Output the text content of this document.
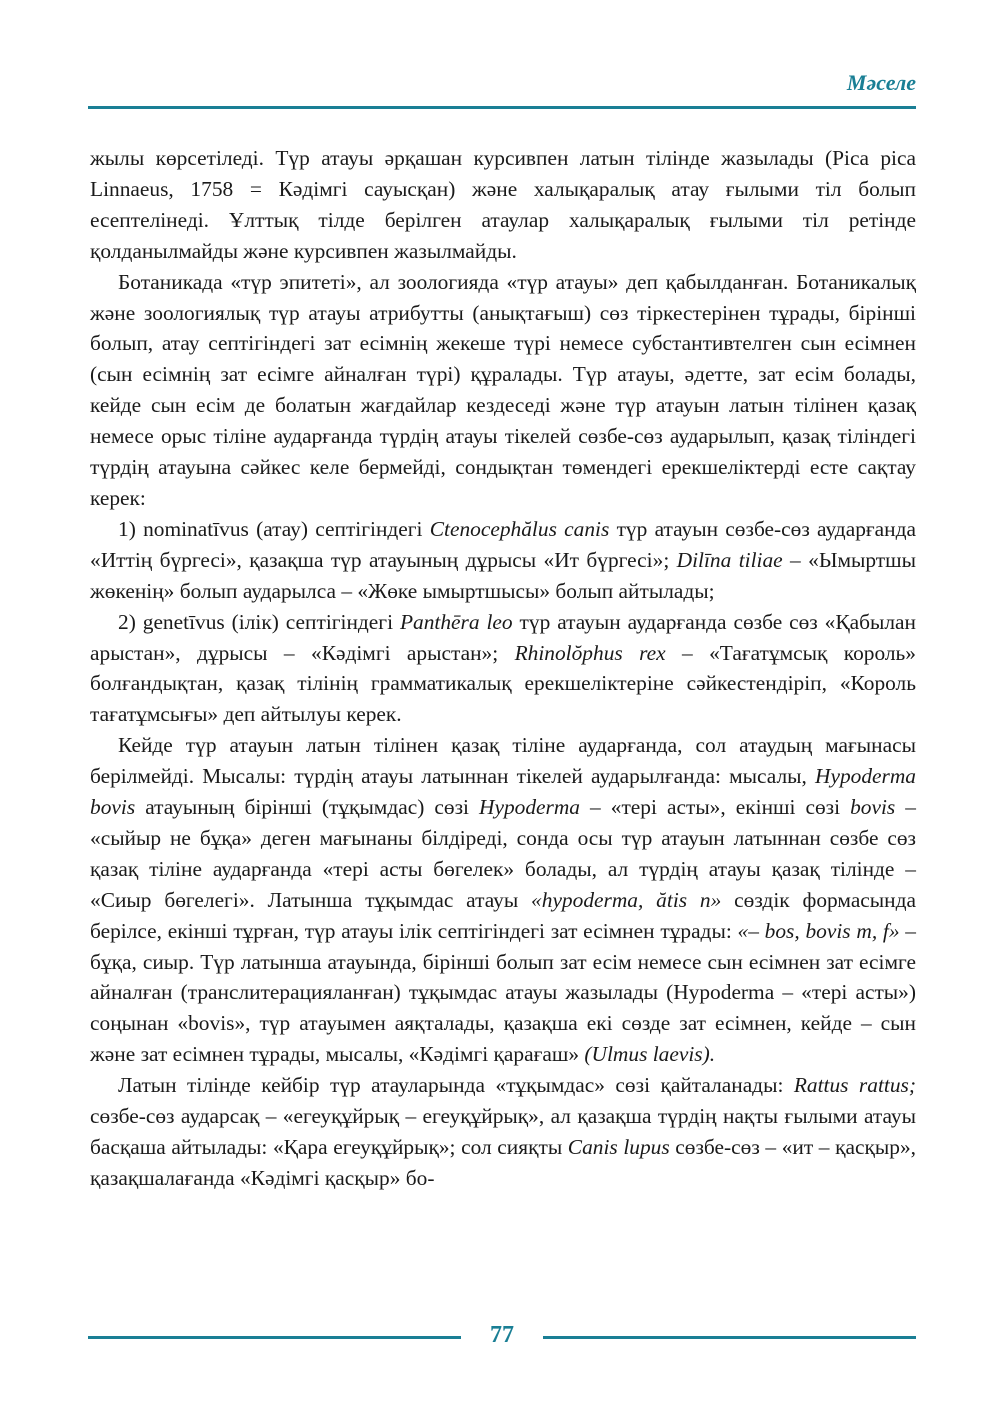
Мәселе

жылы көрсетіледі. Түр атауы әрқашан курсивпен латын тілінде жазылады (Pica pica Linnaeus, 1758 = Кәдімгі сауысқан) және халықаралық атау ғылыми тіл болып есептелінеді. Ұлттық тілде берілген атаулар халықаралық ғылыми тіл ретінде қолданылмайды және курсивпен жазылмайды.

Ботаникада «түр эпитеті», ал зоологияда «түр атауы» деп қабылданған. Ботаникалық және зоологиялық түр атауы атрибутты (анықтағыш) сөз тіркестерінен тұрады, бірінші болып, атау септігіндегі зат есімнің жекеше түрі немесе субстантивтелген сын есімнен (сын есімнің зат есімге айналған түрі) құралады. Түр атауы, әдетте, зат есім болады, кейде сын есім де болатын жағдайлар кездеседі және түр атауын латын тілінен қазақ немесе орыс тіліне аударғанда түрдің атауы тікелей сөзбе-сөз аударылып, қазақ тіліндегі түрдің атауына сәйкес келе бермейді, сондықтан төмендегі ерекшеліктерді есте сақтау керек:

1) nominatīvus (атау) септігіндегі Ctenocephălus canis түр атауын сөзбе-сөз аударғанда «Иттің бүргесі», қазақша түр атауының дұрысы «Ит бүргесі»; Dilīna tiliae – «Ымыртшы жөкенің» болып аударылса – «Жөке ымыртшысы» болып айтылады;

2) genetīvus (ілік) септігіндегі Panthēra leo түр атауын аударғанда сөзбе сөз «Қабылан арыстан», дұрысы – «Кәдімгі арыстан»; Rhinolŏphus rex – «Тағатұмсық король» болғандықтан, қазақ тілінің грамматикалық ерекшеліктеріне сәйкестендіріп, «Король тағатұмсығы» деп айтылуы керек.

Кейде түр атауын латын тілінен қазақ тіліне аударғанда, сол атаудың мағынасы берілмейді. Мысалы: түрдің атауы латыннан тікелей аударылғанда: мысалы, Hypoderma bovis атауының бірінші (тұқымдас) сөзі Hypoderma – «тері асты», екінші сөзі bovis – «сыйыр не бұқа» деген мағынаны білдіреді, сонда осы түр атауын латыннан сөзбе сөз қазақ тіліне аударғанда «тері асты бөгелек» болады, ал түрдің атауы қазақ тілінде – «Сиыр бөгелегі». Латынша тұқымдас атауы «hypoderma, ătis n» сөздік формасында берілсе, екінші тұрған, түр атауы ілік септігіндегі зат есімнен тұрады: «– bos, bovis m, f» – бұқа, сиыр. Түр латынша атауында, бірінші болып зат есім немесе сын есімнен зат есімге айналған (транслитерацияланған) тұқымдас атауы жазылады (Hypoderma – «тері асты») соңынан «bovis», түр атауымен аяқталады, қазақша екі сөзде зат есімнен, кейде – сын және зат есімнен тұрады, мысалы, «Кәдімгі қарағаш» (Ulmus laevis).

Латын тілінде кейбір түр атауларында «тұқымдас» сөзі қайталанады: Rattus rattus; сөзбе-сөз аударсақ – «егеуқұйрық – егеуқұйрық», ал қазақша түрдің нақты ғылыми атауы басқаша айтылады: «Қара егеуқұйрық»; сол сияқты Canis lupus сөзбе-сөз – «ит – қасқыр», қазақшалағанда «Кәдімгі қасқыр» бо-

77
